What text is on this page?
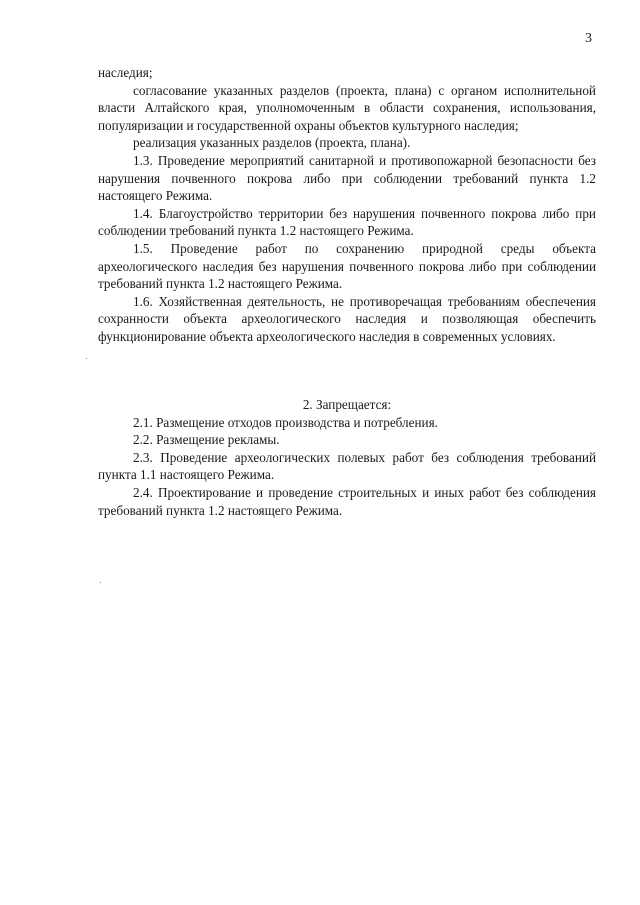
3

наследия;

согласование указанных разделов (проекта, плана) с органом исполнительной власти Алтайского края, уполномоченным в области сохранения, использования, популяризации и государственной охраны объектов культурного наследия;

реализация указанных разделов (проекта, плана).

1.3. Проведение мероприятий санитарной и противопожарной безопасности без нарушения почвенного покрова либо при соблюдении требований пункта 1.2 настоящего Режима.

1.4. Благоустройство территории без нарушения почвенного покрова либо при соблюдении требований пункта 1.2 настоящего Режима.

1.5. Проведение работ по сохранению природной среды объекта археологического наследия без нарушения почвенного покрова либо при соблюдении требований пункта 1.2 настоящего Режима.

1.6. Хозяйственная деятельность, не противоречащая требованиям обеспечения сохранности объекта археологического наследия и позволяющая обеспечить функционирование объекта археологического наследия в современных условиях.

2. Запрещается:

2.1. Размещение отходов производства и потребления.

2.2. Размещение рекламы.

2.3. Проведение археологических полевых работ без соблюдения требований пункта 1.1 настоящего Режима.

2.4. Проектирование и проведение строительных и иных работ без соблюдения требований пункта 1.2 настоящего Режима.
